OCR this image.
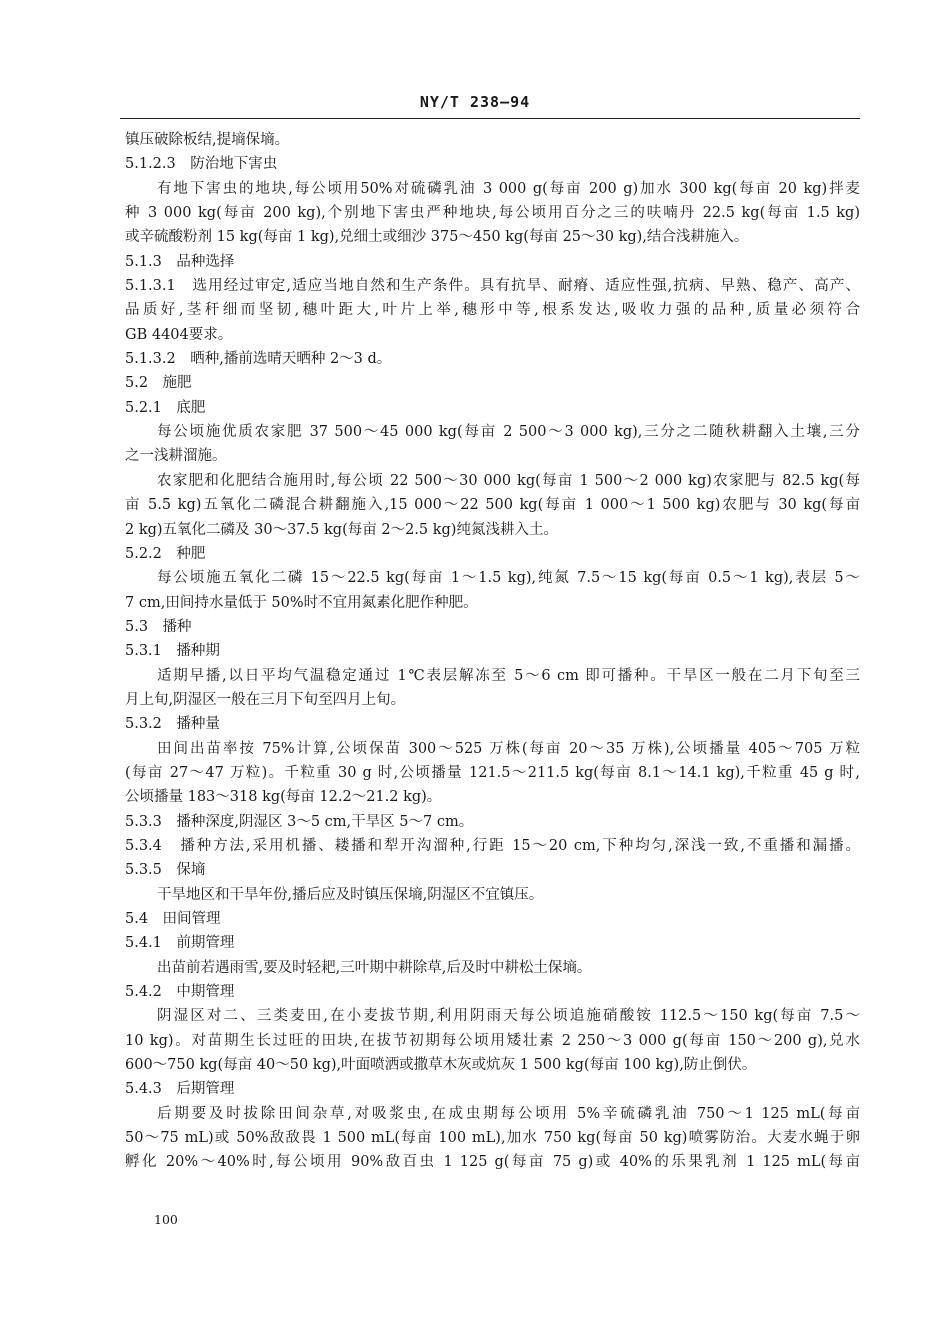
NY/T 238—94
镇压破除板结,提墒保墒。
5.1.2.3　防治地下害虫
有地下害虫的地块,每公顷用50%对硫磷乳油 3 000 g(每亩 200 g)加水 300 kg(每亩 20 kg)拌麦
种 3 000 kg(每亩 200 kg),个别地下害虫严种地块,每公顷用百分之三的呋喃丹 22.5 kg(每亩 1.5 kg)
或辛硫酸粉剂 15 kg(每亩 1 kg),兑细土或细沙 375～450 kg(每亩 25～30 kg),结合浅耕施入。
5.1.3　品种选择
5.1.3.1　选用经过审定,适应当地自然和生产条件。具有抗旱、耐瘠、适应性强,抗病、早熟、稳产、高产、
品质好,茎秆细而坚韧,穗叶距大,叶片上举,穗形中等,根系发达,吸收力强的品种,质量必须符合
GB 4404要求。
5.1.3.2　晒种,播前选晴天晒种 2～3 d。
5.2　施肥
5.2.1　底肥
每公顷施优质农家肥 37 500～45 000 kg(每亩 2 500～3 000 kg),三分之二随秋耕翻入土壤,三分
之一浅耕溜施。
农家肥和化肥结合施用时,每公顷 22 500～30 000 kg(每亩 1 500～2 000 kg)农家肥与 82.5 kg(每
亩 5.5 kg)五氧化二磷混合耕翻施入,15 000～22 500 kg(每亩 1 000～1 500 kg)农肥与 30 kg(每亩
2 kg)五氧化二磷及 30～37.5 kg(每亩 2～2.5 kg)纯氮浅耕入土。
5.2.2　种肥
每公顷施五氧化二磷 15～22.5 kg(每亩 1～1.5 kg),纯氮 7.5～15 kg(每亩 0.5～1 kg),表层 5～
7 cm,田间持水量低于 50%时不宜用氮素化肥作种肥。
5.3　播种
5.3.1　播种期
适期早播,以日平均气温稳定通过 1℃表层解冻至 5～6 cm 即可播种。干旱区一般在二月下旬至三
月上旬,阴湿区一般在三月下旬至四月上旬。
5.3.2　播种量
田间出苗率按 75%计算,公顷保苗 300～525 万株(每亩 20～35 万株),公顷播量 405～705 万粒
(每亩 27～47 万粒)。千粒重 30 g 时,公顷播量 121.5～211.5 kg(每亩 8.1～14.1 kg),千粒重 45 g 时,
公顷播量 183～318 kg(每亩 12.2～21.2 kg)。
5.3.3　播种深度,阴湿区 3～5 cm,干旱区 5～7 cm。
5.3.4　播种方法,采用机播、耧播和犁开沟溜种,行距 15～20 cm,下种均匀,深浅一致,不重播和漏播。
5.3.5　保墒
干旱地区和干旱年份,播后应及时镇压保墒,阴湿区不宜镇压。
5.4　田间管理
5.4.1　前期管理
出苗前若遇雨雪,要及时轻耙,三叶期中耕除草,后及时中耕松土保墒。
5.4.2　中期管理
阴湿区对二、三类麦田,在小麦拔节期,利用阴雨天每公顷追施硝酸铵 112.5～150 kg(每亩 7.5～
10 kg)。对苗期生长过旺的田块,在拔节初期每公顷用矮壮素 2 250～3 000 g(每亩 150～200 g),兑水
600～750 kg(每亩 40～50 kg),叶面喷洒或撒草木灰或炕灰 1 500 kg(每亩 100 kg),防止倒伏。
5.4.3　后期管理
后期要及时拔除田间杂草,对吸浆虫,在成虫期每公顷用 5%辛硫磷乳油 750～1 125 mL(每亩
50～75 mL)或 50%敌敌畏 1 500 mL(每亩 100 mL),加水 750 kg(每亩 50 kg)喷雾防治。大麦水蝇于卵
孵化 20%～40%时,每公顷用 90%敌百虫 1 125 g(每亩 75 g)或 40%的乐果乳剂 1 125 mL(每亩
100
